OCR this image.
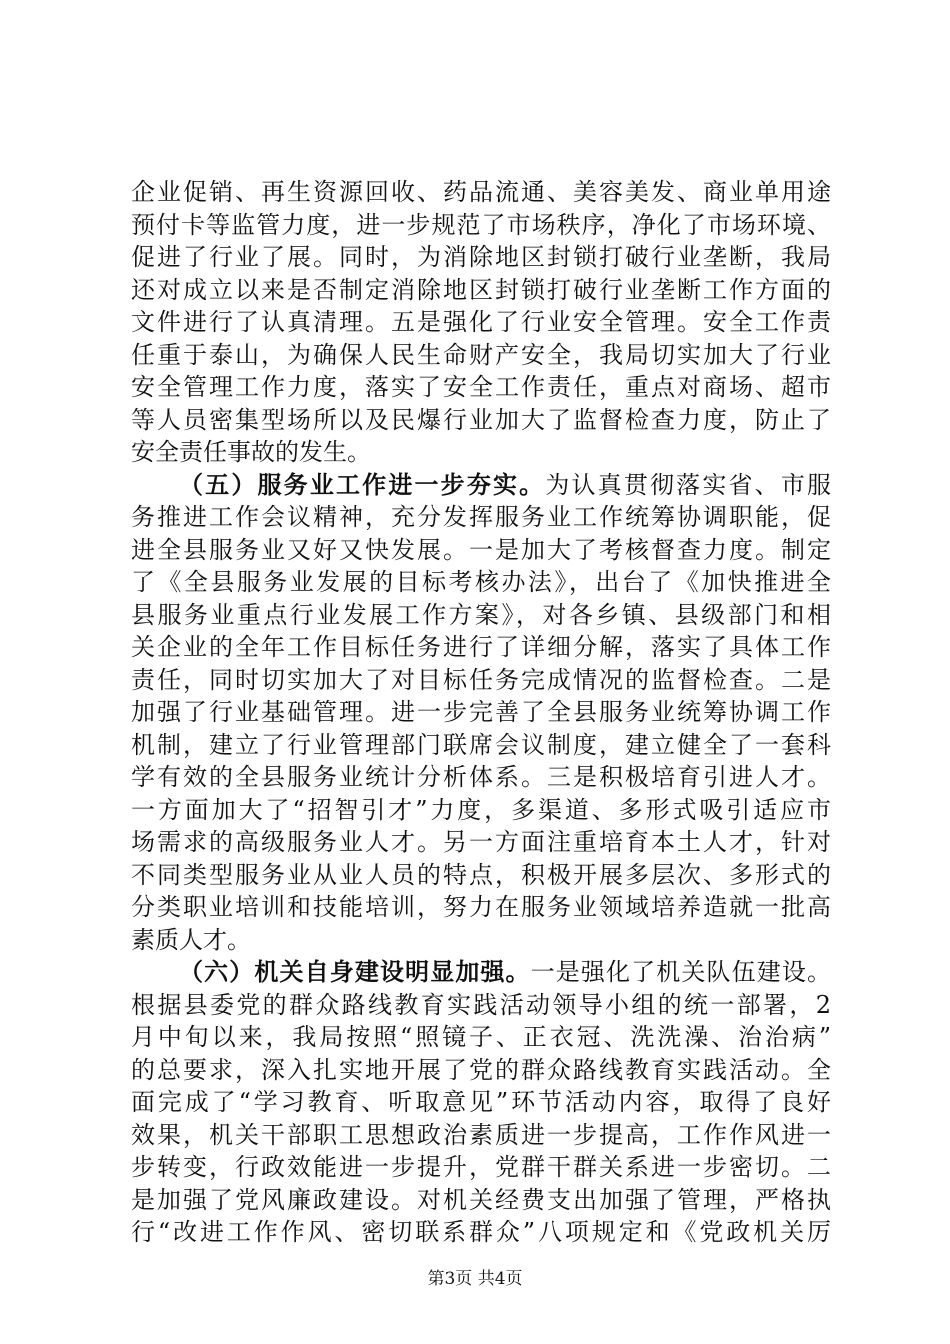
企业促销、再生资源回收、药品流通、美容美发、商业单用途
预付卡等监管力度，进一步规范了市场秩序，净化了市场环境、
促进了行业了展。同时，为消除地区封锁打破行业垄断，我局
还对成立以来是否制定消除地区封锁打破行业垄断工作方面的
文件进行了认真清理。五是强化了行业安全管理。安全工作责
任重于泰山，为确保人民生命财产安全，我局切实加大了行业
安全管理工作力度，落实了安全工作责任，重点对商场、超市
等人员密集型场所以及民爆行业加大了监督检查力度，防止了
安全责任事故的发生。
（五）服务业工作进一步夯实。为认真贯彻落实省、市服
务推进工作会议精神，充分发挥服务业工作统筹协调职能，促
进全县服务业又好又快发展。一是加大了考核督查力度。制定
了《全县服务业发展的目标考核办法》，出台了《加快推进全
县服务业重点行业发展工作方案》，对各乡镇、县级部门和相
关企业的全年工作目标任务进行了详细分解，落实了具体工作
责任，同时切实加大了对目标任务完成情况的监督检查。二是
加强了行业基础管理。进一步完善了全县服务业统筹协调工作
机制，建立了行业管理部门联席会议制度，建立健全了一套科
学有效的全县服务业统计分析体系。三是积极培育引进人才。
一方面加大了“招智引才”力度，多渠道、多形式吸引适应市
场需求的高级服务业人才。另一方面注重培育本土人才，针对
不同类型服务业从业人员的特点，积极开展多层次、多形式的
分类职业培训和技能培训，努力在服务业领域培养造就一批高
素质人才。
（六）机关自身建设明显加强。一是强化了机关队伍建设。
根据县委党的群众路线教育实践活动领导小组的统一部署，2
月中旬以来，我局按照“照镜子、正衣冠、洗洗澡、治治病”
的总要求，深入扎实地开展了党的群众路线教育实践活动。全
面完成了“学习教育、听取意见”环节活动内容，取得了良好
效果，机关干部职工思想政治素质进一步提高，工作作风进一
步转变，行政效能进一步提升，党群干群关系进一步密切。二
是加强了党风廉政建设。对机关经费支出加强了管理，严格执
行“改进工作作风、密切联系群众”八项规定和《党政机关厉
第3页 共4页
